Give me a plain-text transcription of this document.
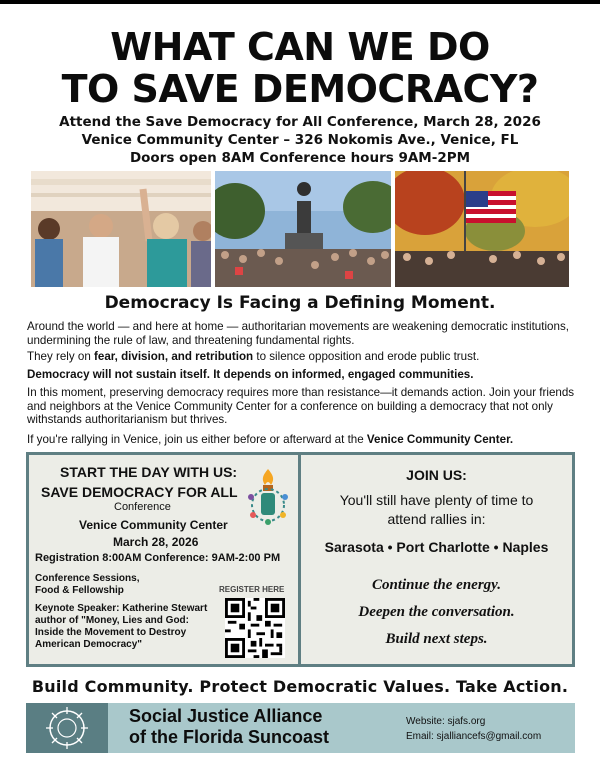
WHAT CAN WE DO
TO SAVE DEMOCRACY?
Attend the Save Democracy for All Conference, March 28, 2026
Venice Community Center – 326 Nokomis Ave., Venice, FL
Doors open 8AM Conference hours 9AM-2PM
Democracy Is Facing a Defining Moment.
Around the world — and here at home — authoritarian movements are weakening democratic institutions, undermining the rule of law, and threatening fundamental rights.
They rely on fear, division, and retribution to silence opposition and erode public trust.
Democracy will not sustain itself. It depends on informed, engaged communities.
In this moment, preserving democracy requires more than resistance—it demands action. Join your friends and neighbors at the Venice Community Center for a conference on building a democracy that not only withstands authoritarianism but thrives.
If you're rallying in Venice, join us either before or afterward at the Venice Community Center.
START THE DAY WITH US:
SAVE DEMOCRACY FOR ALL
Conference
Venice Community Center
March 28, 2026
Registration 8:00AM Conference: 9AM-2:00 PM
Conference Sessions,
Food & Fellowship
Keynote Speaker: Katherine Stewart
author of "Money, Lies and God:
Inside the Movement to Destroy
American Democracy"
REGISTER HERE
JOIN US:
You'll still have plenty of time to
attend rallies in:
Sarasota • Port Charlotte • Naples
Continue the energy.
Deepen the conversation.
Build next steps.
Build Community. Protect Democratic Values. Take Action.
Social Justice Alliance
of the Florida Suncoast
Website: sjafs.org
Email: sjalliancefs@gmail.com
